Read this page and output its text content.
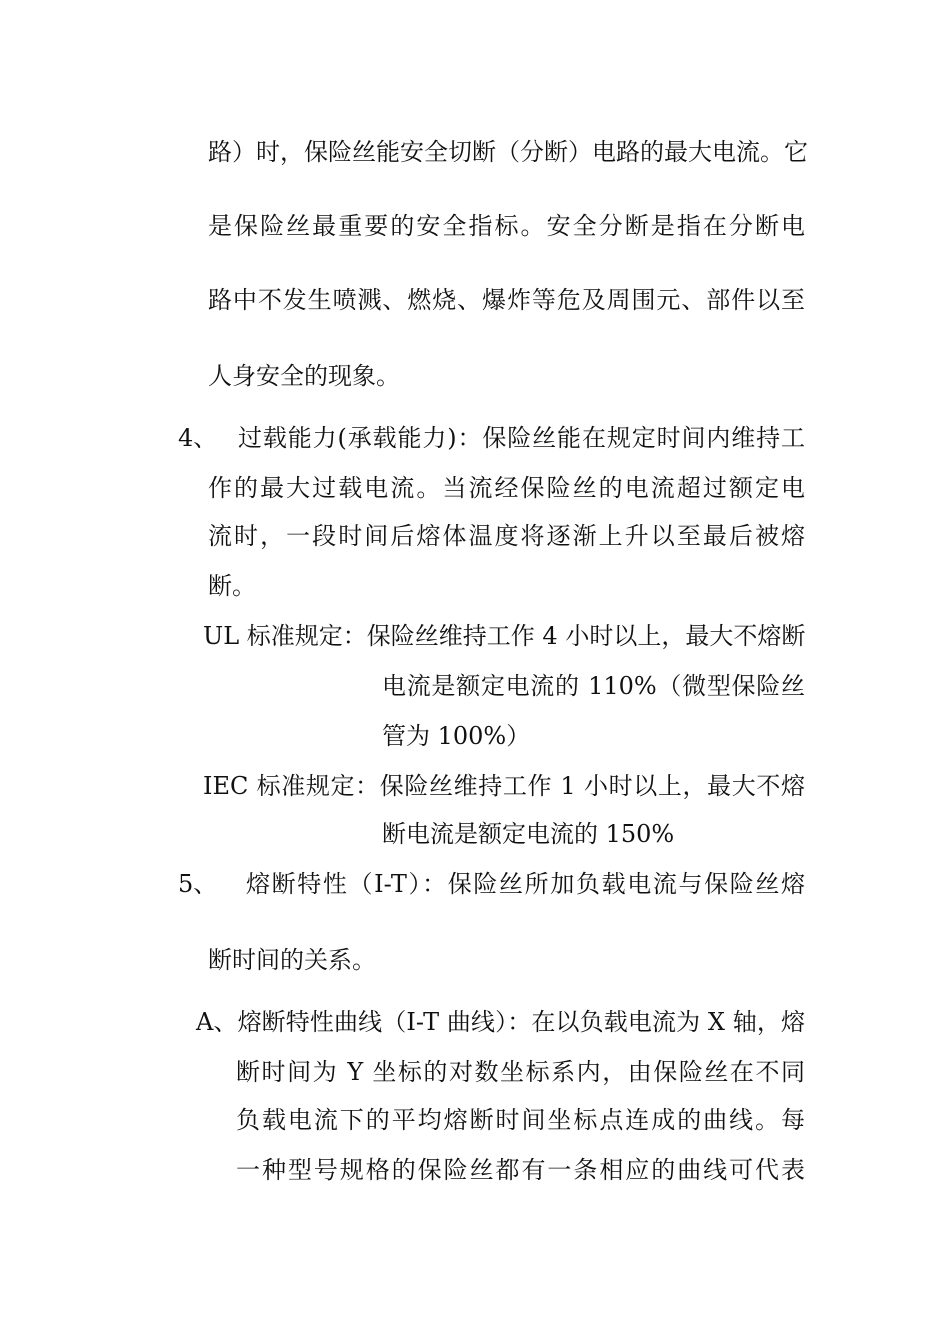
路）时，保险丝能安全切断（分断）电路的最大电流。它

是保险丝最重要的安全指标。安全分断是指在分断电

路中不发生喷溅、燃烧、爆炸等危及周围元、部件以至

人身安全的现象。

4、 过载能力(承载能力)：保险丝能在规定时间内维持工

作的最大过载电流。当流经保险丝的电流超过额定电

流时，一段时间后熔体温度将逐渐上升以至最后被熔

断。

UL 标准规定：保险丝维持工作 4 小时以上，最大不熔断

电流是额定电流的 110%（微型保险丝

管为 100%）

IEC 标准规定：保险丝维持工作 1 小时以上，最大不熔

断电流是额定电流的 150%

5、 熔断特性（I-T）：保险丝所加负载电流与保险丝熔

断时间的关系。

A、熔断特性曲线（I-T 曲线）：在以负载电流为 X 轴，熔

断时间为 Y 坐标的对数坐标系内，由保险丝在不同

负载电流下的平均熔断时间坐标点连成的曲线。每

一种型号规格的保险丝都有一条相应的曲线可代表
